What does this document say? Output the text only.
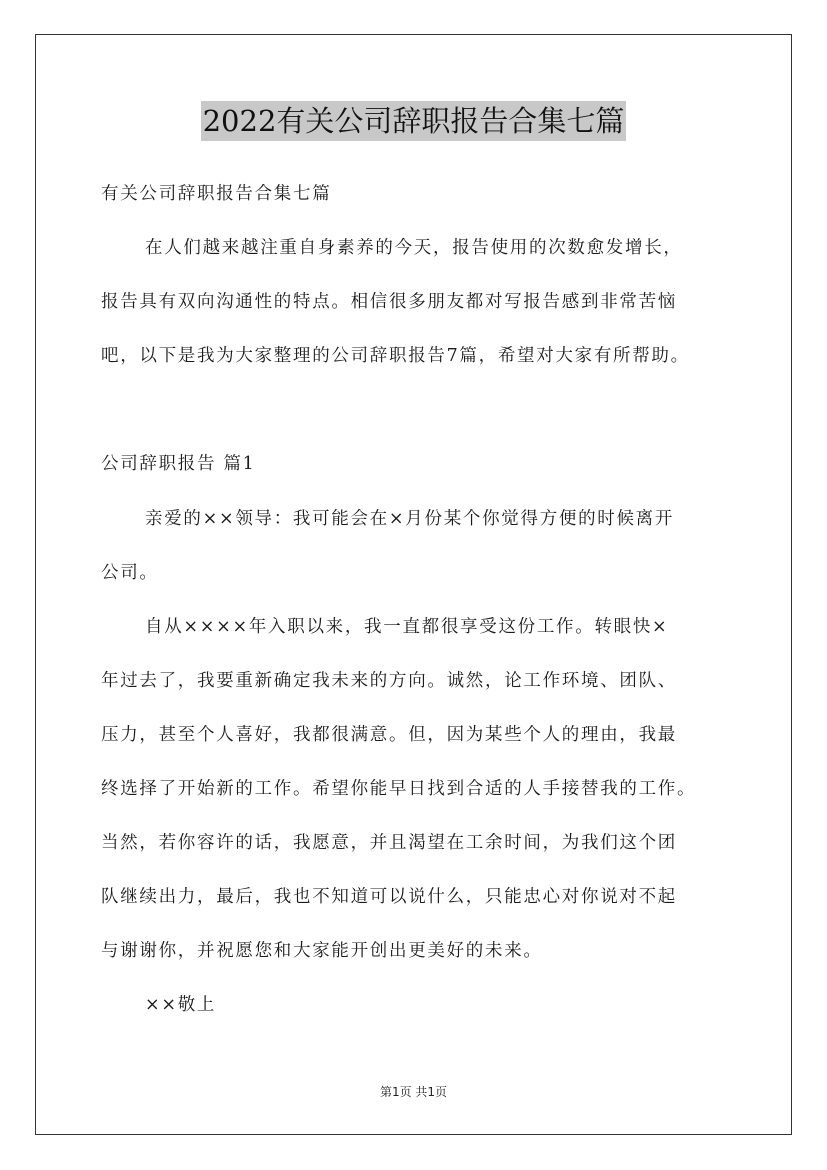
2022有关公司辞职报告合集七篇
有关公司辞职报告合集七篇
在人们越来越注重自身素养的今天，报告使用的次数愈发增长，
报告具有双向沟通性的特点。相信很多朋友都对写报告感到非常苦恼
吧，以下是我为大家整理的公司辞职报告7篇，希望对大家有所帮助。
公司辞职报告 篇1
亲爱的××领导：我可能会在×月份某个你觉得方便的时候离开
公司。
自从××××年入职以来，我一直都很享受这份工作。转眼快×
年过去了，我要重新确定我未来的方向。诚然，论工作环境、团队、
压力，甚至个人喜好，我都很满意。但，因为某些个人的理由，我最
终选择了开始新的工作。希望你能早日找到合适的人手接替我的工作。
当然，若你容许的话，我愿意，并且渴望在工余时间，为我们这个团
队继续出力，最后，我也不知道可以说什么，只能忠心对你说对不起
与谢谢你，并祝愿您和大家能开创出更美好的未来。
××敬上
第1页 共1页
